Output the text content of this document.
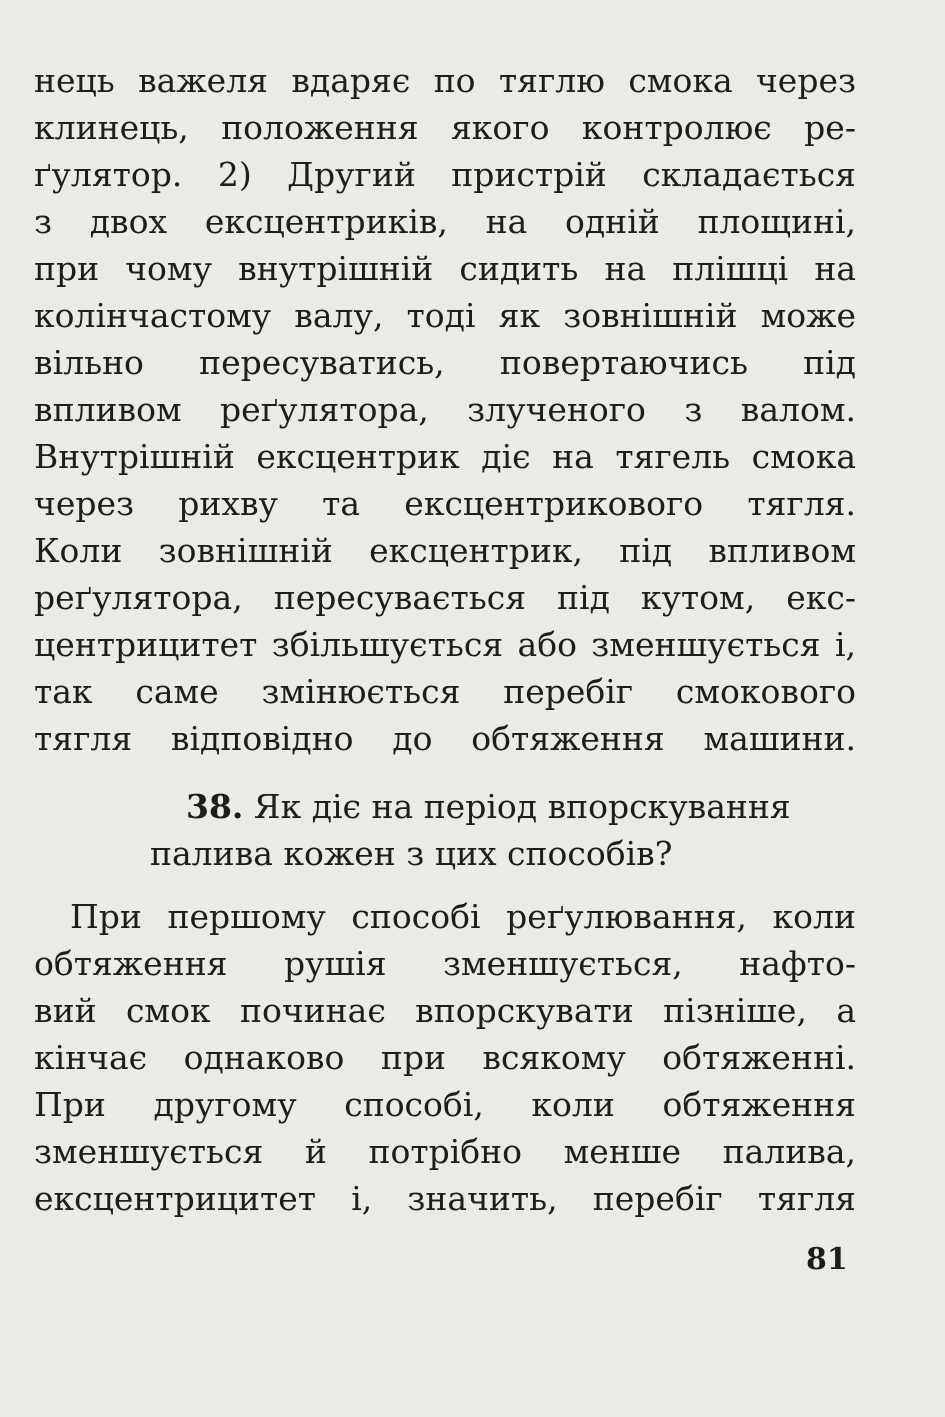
нець важеля вдаряє по тяглю смока через
клинець, положення якого контролює ре-
ґулятор. 2) Другий пристрій складається
з двох ексцентриків, на одній площині,
при чому внутрішній сидить на плішці на
колінчастому валу, тоді як зовнішній може
вільно пересуватись, повертаючись під
впливом реґулятора, злученого з валом.
Внутрішній ексцентрик діє на тягель смока
через рихву та ексцентрикового тягля.
Коли зовнішній ексцентрик, під впливом
реґулятора, пересувається під кутом, екс-
центрицитет збільшується або зменшується і,
так саме змінюється перебіг смокового
тягля відповідно до обтяження машини.
38. Як діє на період впорскування
палива кожен з цих способів?
При першому способі реґулювання, коли
обтяження рушія зменшується, нафто-
вий смок починає впорскувати пізніше, а
кінчає однаково при всякому обтяженні.
При другому способі, коли обтяження
зменшується й потрібно менше палива,
ексцентрицитет і, значить, перебіг тягля
81
